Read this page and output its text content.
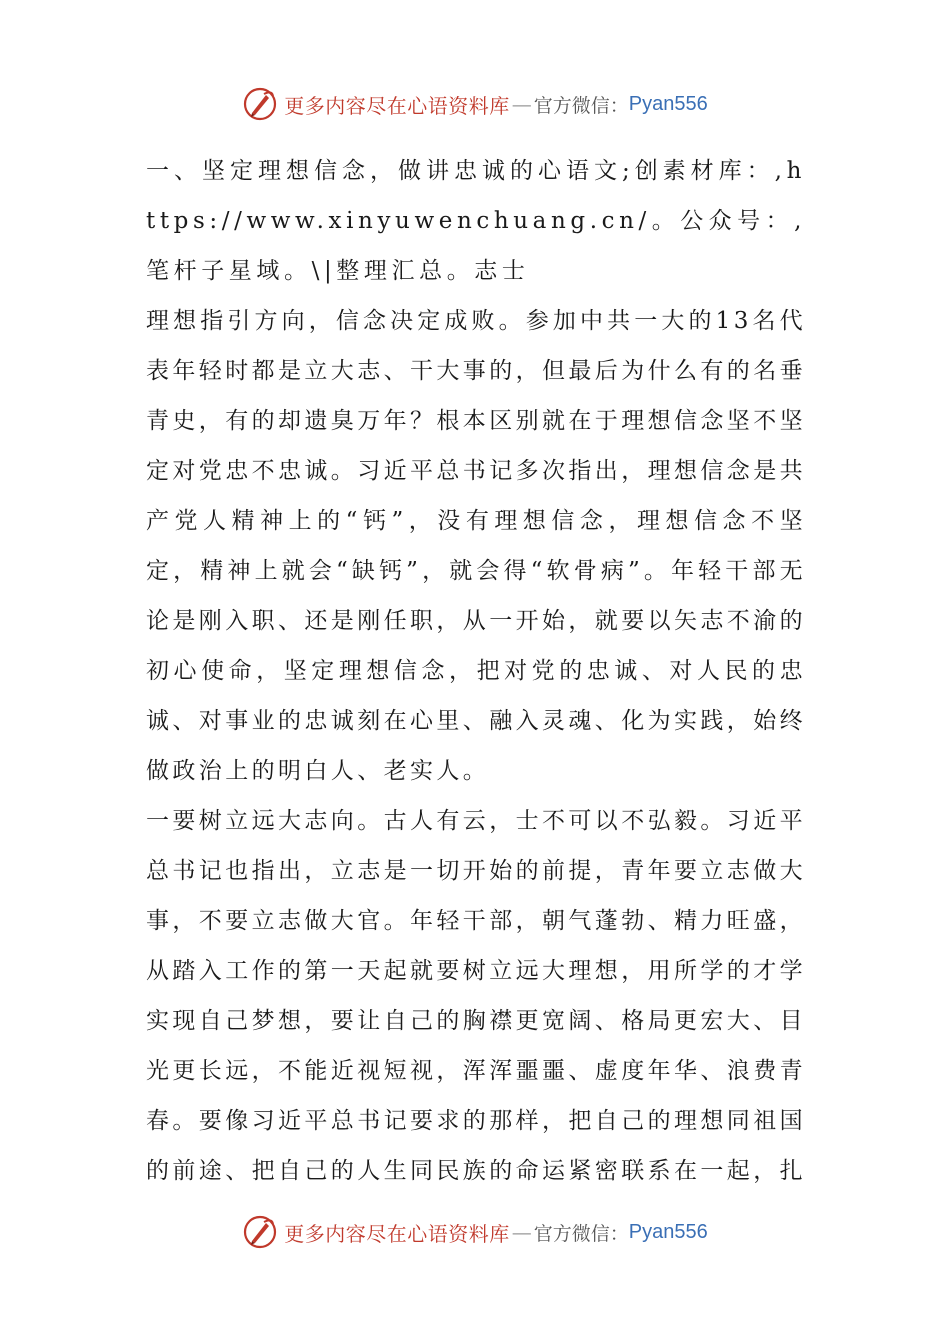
更多内容尽在心语资料库 — 官方微信： Pyan556

一、坚定理想信念，做讲忠诚的心语文;创素材库：,https://www.xinyuwenchuang.cn/。公众号：,笔杆子星域。\|整理汇总。志士

理想指引方向，信念决定成败。参加中共一大的13名代表年轻时都是立大志、干大事的，但最后为什么有的名垂青史，有的却遗臭万年？根本区别就在于理想信念坚不坚定对党忠不忠诚。习近平总书记多次指出，理想信念是共产党人精神上的“钙”，没有理想信念，理想信念不坚定，精神上就会“缺钙”，就会得“软骨病”。年轻干部无论是刚入职、还是刚任职，从一开始，就要以矢志不渝的初心使命，坚定理想信念，把对党的忠诚、对人民的忠诚、对事业的忠诚刻在心里、融入灵魂、化为实践，始终做政治上的明白人、老实人。

一要树立远大志向。古人有云，士不可以不弘毅。习近平总书记也指出，立志是一切开始的前提，青年要立志做大事，不要立志做大官。年轻干部，朝气蓬勃、精力旺盛，从踏入工作的第一天起就要树立远大理想，用所学的才学实现自己梦想，要让自己的胸襟更宽阔、格局更宏大、目光更长远，不能近视短视，浑浑噩噩、虚度年华、浪费青春。要像习近平总书记要求的那样，把自己的理想同祖国的前途、把自己的人生同民族的命运紧密联系在一起，扎

更多内容尽在心语资料库 — 官方微信： Pyan556
